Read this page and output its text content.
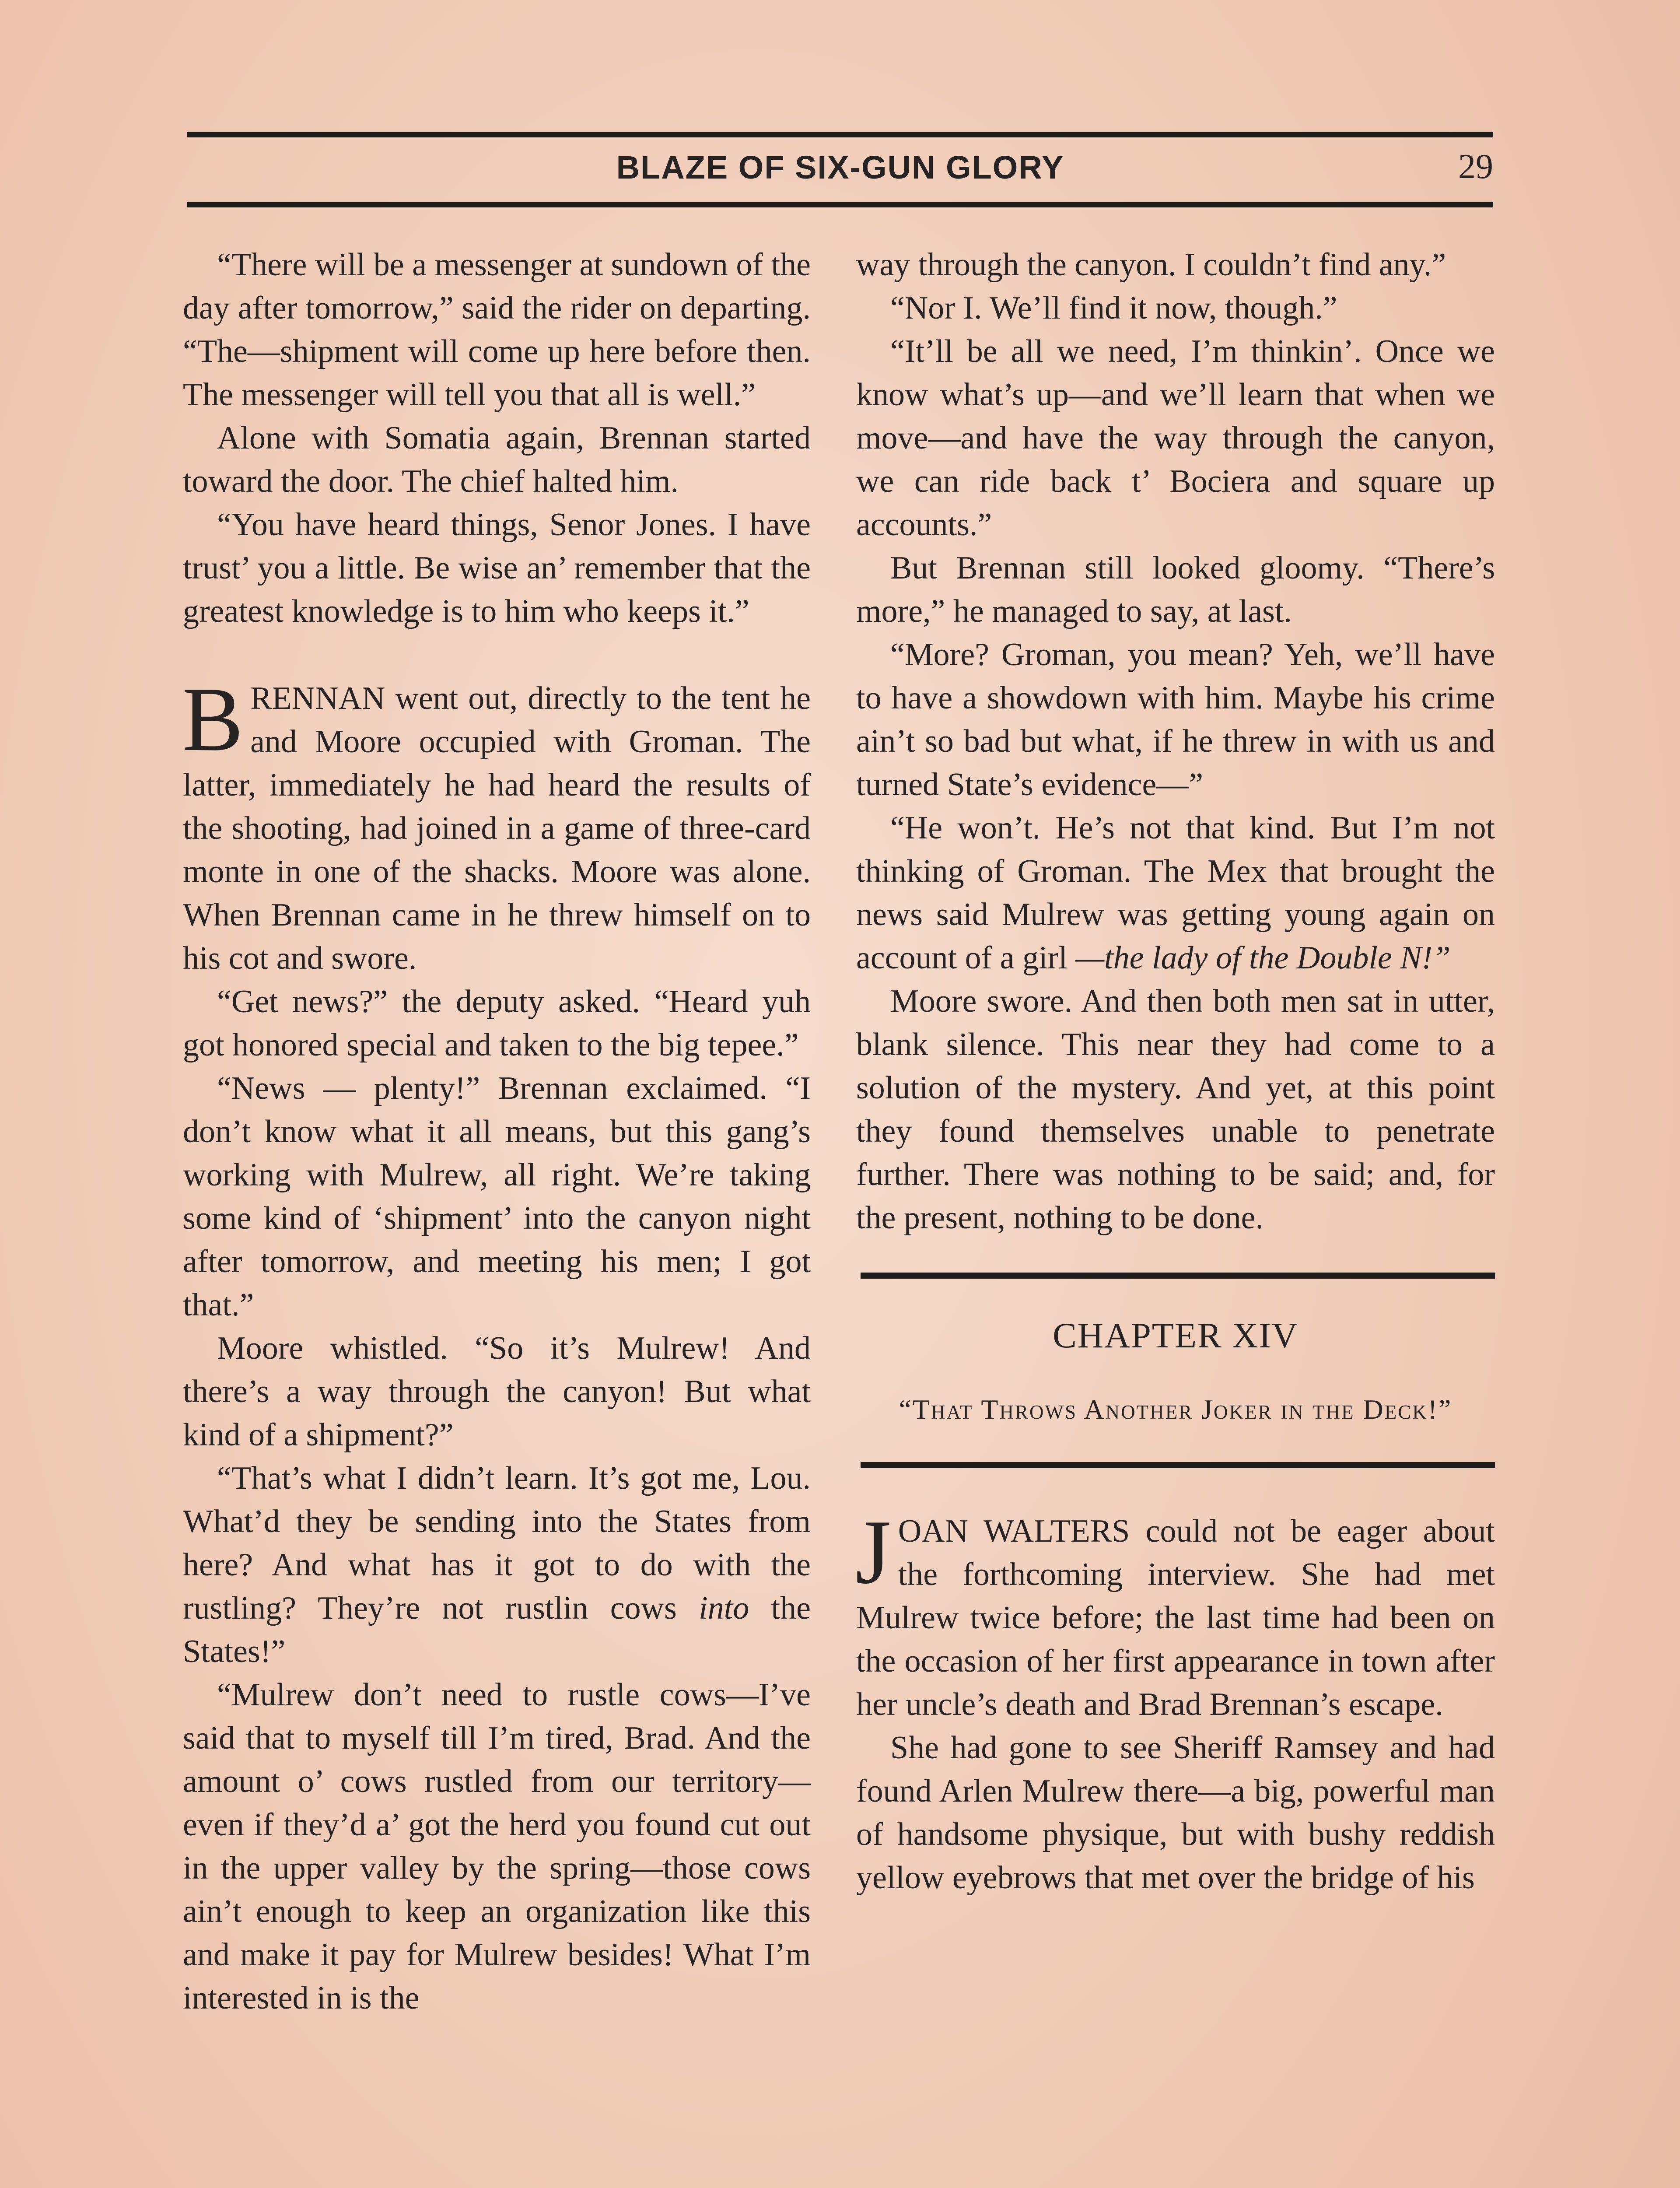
BLAZE OF SIX-GUN GLORY	29

“There will be a messenger at sundown of the day after tomorrow,” said the rider on departing. “The—shipment will come up here before then. The messenger will tell you that all is well.”

Alone with Somatia again, Brennan started toward the door. The chief halted him.

“You have heard things, Senor Jones. I have trust’ you a little. Be wise an’ remember that the greatest knowledge is to him who keeps it.”

BRENNAN went out, directly to the tent he and Moore occupied with Groman. The latter, immediately he had heard the results of the shooting, had joined in a game of three-card monte in one of the shacks. Moore was alone. When Brennan came in he threw himself on to his cot and swore.

“Get news?” the deputy asked. “Heard yuh got honored special and taken to the big tepee.”

“News — plenty!” Brennan exclaimed. “I don’t know what it all means, but this gang’s working with Mulrew, all right. We’re taking some kind of ‘shipment’ into the canyon night after tomorrow, and meeting his men; I got that.”

Moore whistled. “So it’s Mulrew! And there’s a way through the canyon! But what kind of a shipment?”

“That’s what I didn’t learn. It’s got me, Lou. What’d they be sending into the States from here? And what has it got to do with the rustling? They’re not rustlin cows into the States!”

“Mulrew don’t need to rustle cows—I’ve said that to myself till I’m tired, Brad. And the amount o’ cows rustled from our territory—even if they’d a’ got the herd you found cut out in the upper valley by the spring—those cows ain’t enough to keep an organization like this and make it pay for Mulrew besides! What I’m interested in is the

way through the canyon. I couldn’t find any.”

“Nor I. We’ll find it now, though.”

“It’ll be all we need, I’m thinkin’. Once we know what’s up—and we’ll learn that when we move—and have the way through the canyon, we can ride back t’ Bociera and square up accounts.”

But Brennan still looked gloomy. “There’s more,” he managed to say, at last.

“More? Groman, you mean? Yeh, we’ll have to have a showdown with him. Maybe his crime ain’t so bad but what, if he threw in with us and turned State’s evidence—”

“He won’t. He’s not that kind. But I’m not thinking of Groman. The Mex that brought the news said Mulrew was getting young again on account of a girl —the lady of the Double N!”

Moore swore. And then both men sat in utter, blank silence. This near they had come to a solution of the mystery. And yet, at this point they found themselves unable to penetrate further. There was nothing to be said; and, for the present, nothing to be done.

CHAPTER XIV
“That Throws Another Joker in the Deck!”

JOAN WALTERS could not be eager about the forthcoming interview. She had met Mulrew twice before; the last time had been on the occasion of her first appearance in town after her uncle’s death and Brad Brennan’s escape.

She had gone to see Sheriff Ramsey and had found Arlen Mulrew there—a big, powerful man of handsome physique, but with bushy reddish yellow eyebrows that met over the bridge of his
